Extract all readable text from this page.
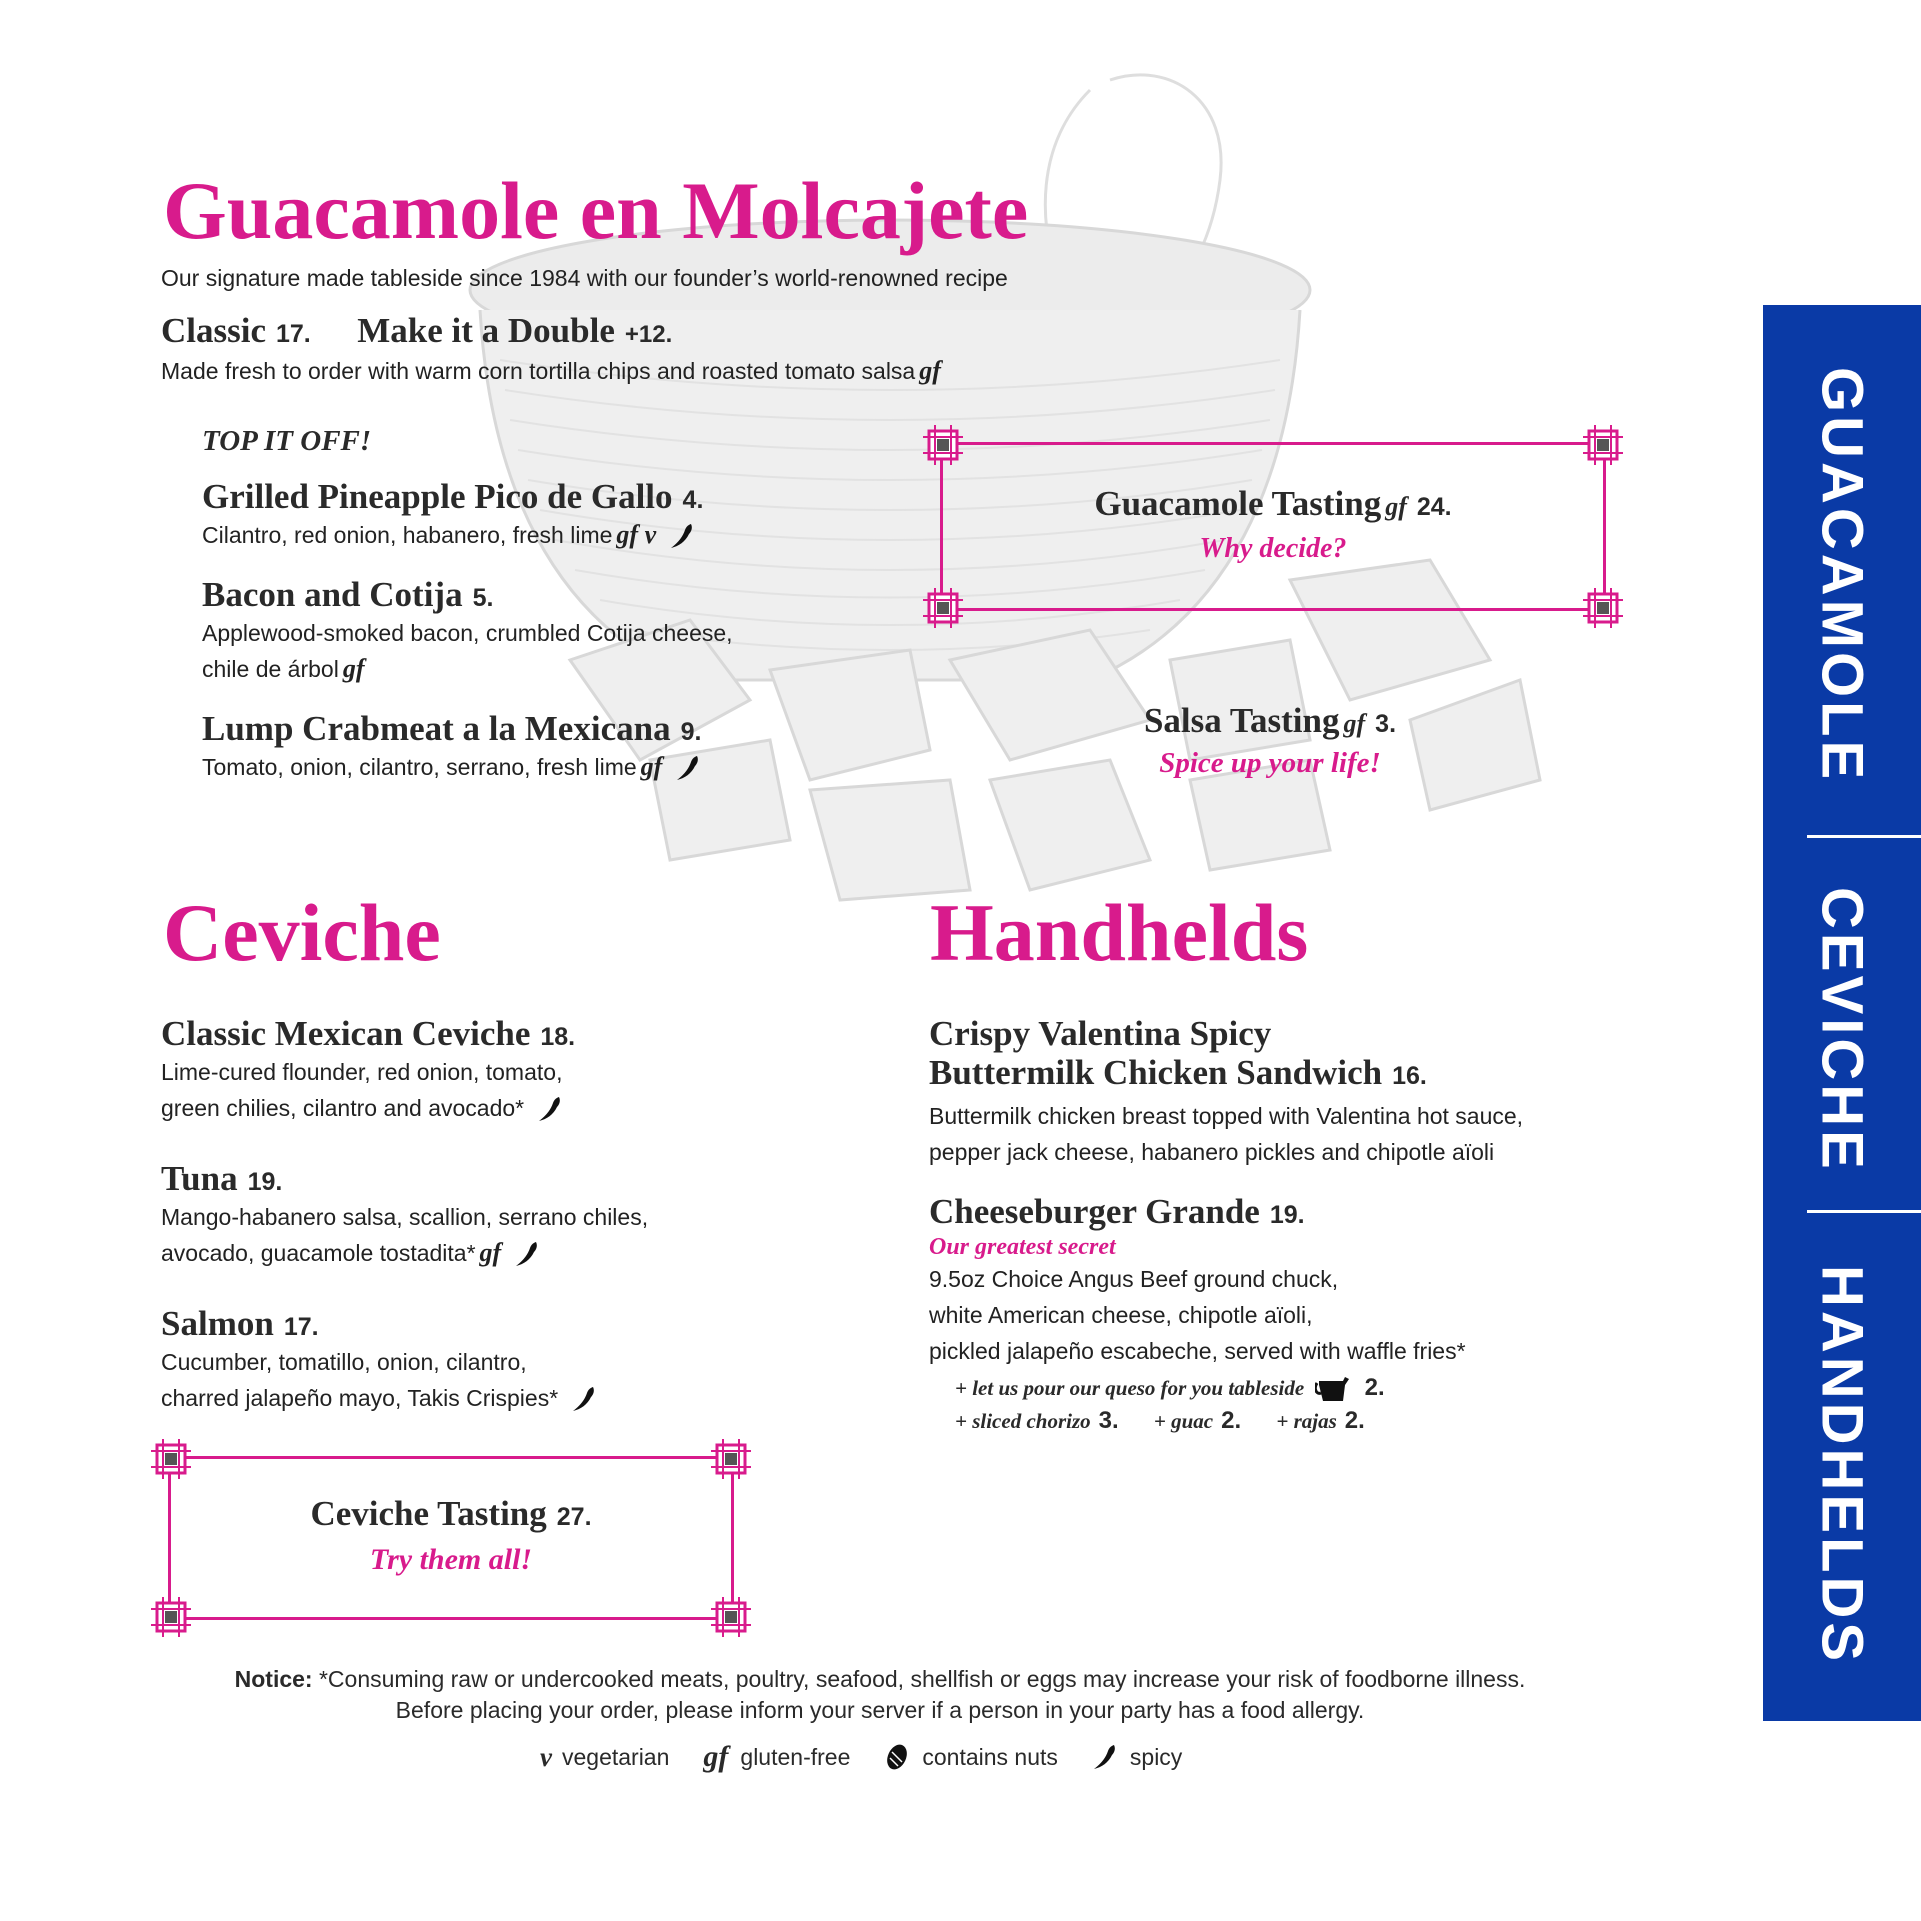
Guacamole en Molcajete
Our signature made tableside since 1984 with our founder’s world-renowned recipe
Classic 17. Make it a Double +12.
Made fresh to order with warm corn tortilla chips and roasted tomato salsa gf
TOP IT OFF!
Grilled Pineapple Pico de Gallo 4.
Cilantro, red onion, habanero, fresh lime gf v
Bacon and Cotija 5.
Applewood-smoked bacon, crumbled Cotija cheese,
chile de árbol gf
Lump Crabmeat a la Mexicana 9.
Tomato, onion, cilantro, serrano, fresh lime gf
Guacamole Tasting gf 24.
Why decide?
Salsa Tasting gf 3.
Spice up your life!
Ceviche
Classic Mexican Ceviche 18.
Lime-cured flounder, red onion, tomato,
green chilies, cilantro and avocado*
Tuna 19.
Mango-habanero salsa, scallion, serrano chiles,
avocado, guacamole tostadita* gf
Salmon 17.
Cucumber, tomatillo, onion, cilantro,
charred jalapeño mayo, Takis Crispies*
Ceviche Tasting 27.
Try them all!
Handhelds
Crispy Valentina Spicy
Buttermilk Chicken Sandwich 16.
Buttermilk chicken breast topped with Valentina hot sauce,
pepper jack cheese, habanero pickles and chipotle aïoli
Cheeseburger Grande 19.
Our greatest secret
9.5oz Choice Angus Beef ground chuck,
white American cheese, chipotle aïoli,
pickled jalapeño escabeche, served with waffle fries*
+ let us pour our queso for you tableside	2.
+ sliced chorizo 3. + guac 2. + rajas 2.
Notice: *Consuming raw or undercooked meats, poultry, seafood, shellfish or eggs may increase your risk of foodborne illness.
Before placing your order, please inform your server if a person in your party has a food allergy.
v vegetarian gf gluten-free	contains nuts	spicy
GUACAMOLE
CEVICHE
HANDHELDS
